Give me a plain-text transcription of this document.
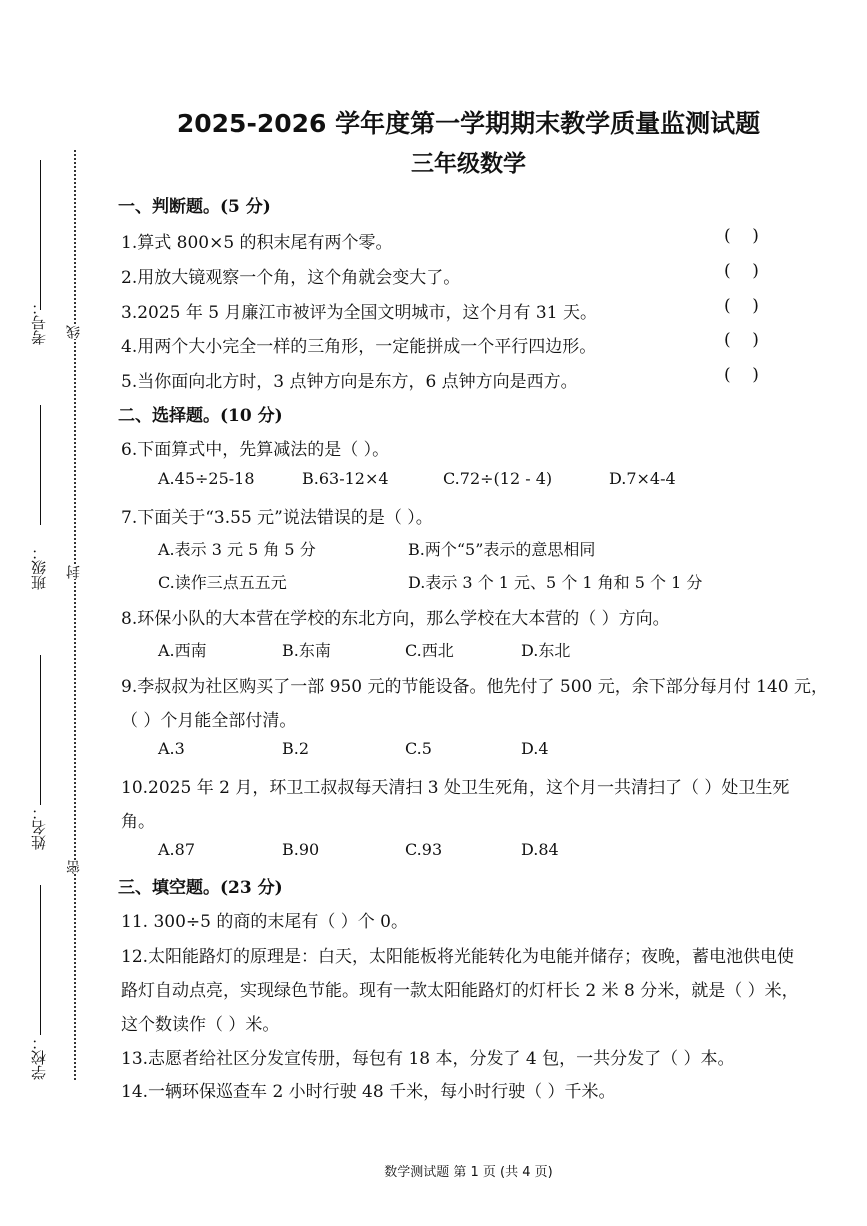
考号：
班级：
姓名：
学校：
线
封
密
2025-2026 学年度第一学期期末教学质量监测试题
三年级数学
一、判断题。(5 分)
1.算式 800×5 的积末尾有两个零。	(    )
2.用放大镜观察一个角，这个角就会变大了。	(    )
3.2025 年 5 月廉江市被评为全国文明城市，这个月有 31 天。	(    )
4.用两个大小完全一样的三角形，一定能拼成一个平行四边形。	(    )
5.当你面向北方时，3 点钟方向是东方，6 点钟方向是西方。	(    )
二、选择题。(10 分)
6.下面算式中，先算减法的是（ ）。
A.45÷25-18	B.63-12×4	C.72÷(12 - 4)	D.7×4-4
7.下面关于“3.55 元”说法错误的是（ ）。
A.表示 3 元 5 角 5 分	B.两个“5”表示的意思相同
C.读作三点五五元	D.表示 3 个 1 元、5 个 1 角和 5 个 1 分
8.环保小队的大本营在学校的东北方向，那么学校在大本营的（ ）方向。
A.西南	B.东南	C.西北	D.东北
9.李叔叔为社区购买了一部 950 元的节能设备。他先付了 500 元，余下部分每月付 140 元，
（ ）个月能全部付清。
A.3	B.2	C.5	D.4
10.2025 年 2 月，环卫工叔叔每天清扫 3 处卫生死角，这个月一共清扫了（ ）处卫生死
角。
A.87	B.90	C.93	D.84
三、填空题。(23 分)
11. 300÷5 的商的末尾有（ ）个 0。
12.太阳能路灯的原理是：白天，太阳能板将光能转化为电能并储存；夜晚，蓄电池供电使
路灯自动点亮，实现绿色节能。现有一款太阳能路灯的灯杆长 2 米 8 分米，就是（ ）米，
这个数读作（ ）米。
13.志愿者给社区分发宣传册，每包有 18 本，分发了 4 包，一共分发了（ ）本。
14.一辆环保巡查车 2 小时行驶 48 千米，每小时行驶（ ）千米。
数学测试题 第 1 页 (共 4 页)
